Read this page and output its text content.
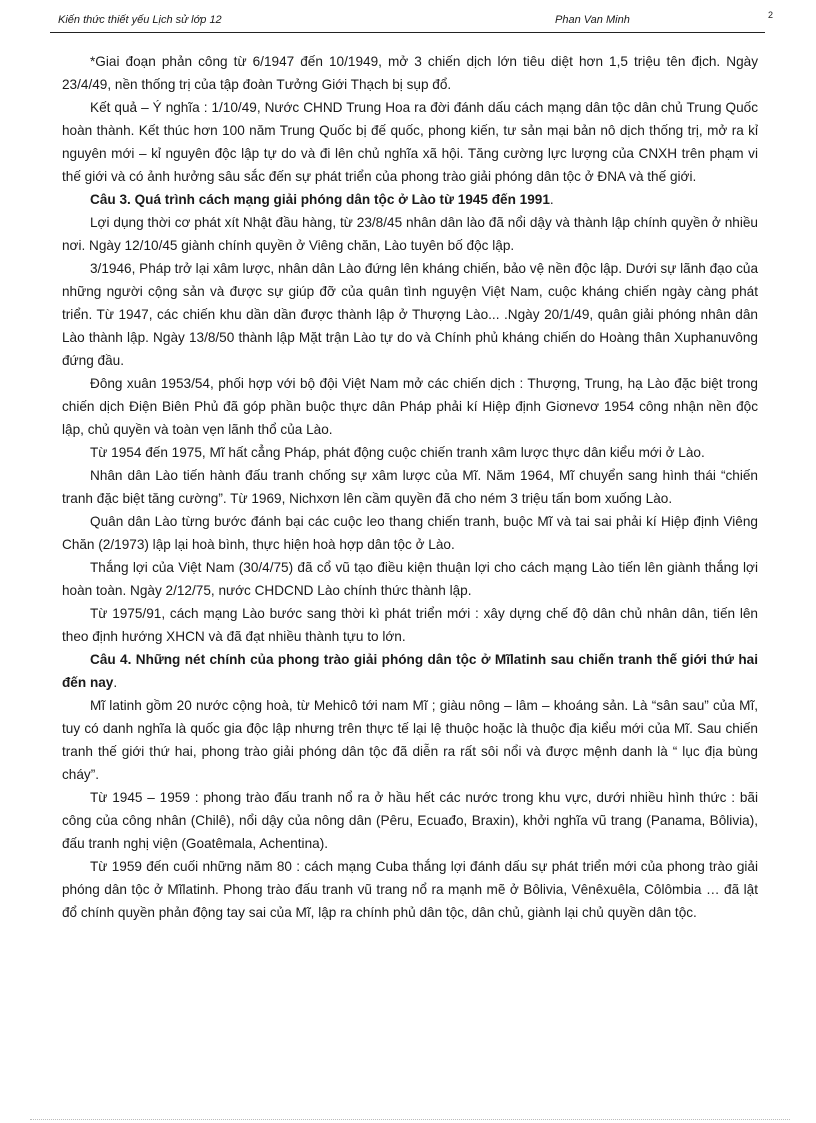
Kiến thức thiết yếu Lịch sử lớp 12	Phan Van Minh	2

*Giai đoạn phản công từ 6/1947 đến 10/1949, mở 3 chiến dịch lớn tiêu diệt hơn 1,5 triệu tên địch. Ngày 23/4/49, nền thống trị của tập đoàn Tưởng Giới Thạch bị sụp đổ.

Kết quả – Ý nghĩa : 1/10/49, Nước CHND Trung Hoa ra đời đánh dấu cách mạng dân tộc dân chủ Trung Quốc hoàn thành. Kết thúc hơn 100 năm Trung Quốc bị đế quốc, phong kiến, tư sản mại bản nô dịch thống trị, mở ra kỉ nguyên mới – kỉ nguyên độc lập tự do và đi lên chủ nghĩa xã hội. Tăng cường lực lượng của CNXH trên phạm vi thế giới và có ảnh hưởng sâu sắc đến sự phát triển của phong trào giải phóng dân tộc ở ĐNA và thế giới.

Câu 3. Quá trình cách mạng giải phóng dân tộc ở Lào từ 1945 đến 1991.

Lợi dụng thời cơ phát xít Nhật đầu hàng, từ 23/8/45 nhân dân lào đã nổi dậy và thành lập chính quyền ở nhiều nơi. Ngày 12/10/45 giành chính quyền ở Viêng chăn, Lào tuyên bố độc lập.

3/1946, Pháp trở lại xâm lược, nhân dân Lào đứng lên kháng chiến, bảo vệ nền độc lập. Dưới sự lãnh đạo của những người cộng sản và được sự giúp đỡ của quân tình nguyện Việt Nam, cuộc kháng chiến ngày càng phát triển. Từ 1947, các chiến khu dần dần được thành lập ở Thượng Lào... .Ngày 20/1/49, quân giải phóng nhân dân Lào thành lập. Ngày 13/8/50 thành lập Mặt trận Lào tự do và Chính phủ kháng chiến do Hoàng thân Xuphanuvông đứng đầu.

Đông xuân 1953/54, phối hợp với bộ đội Việt Nam mở các chiến dịch : Thượng, Trung, hạ Lào đặc biệt trong chiến dịch Điện Biên Phủ đã góp phần buộc thực dân Pháp phải kí Hiệp định Giơnevơ 1954 công nhận nền độc lập, chủ quyền và toàn vẹn lãnh thổ của Lào.

Từ 1954 đến 1975, Mĩ hất cẳng Pháp, phát động cuộc chiến tranh xâm lược thực dân kiểu mới ở Lào.

Nhân dân Lào tiến hành đấu tranh chống sự xâm lược của Mĩ. Năm 1964, Mĩ chuyển sang hình thái “chiến tranh đặc biệt tăng cường”. Từ 1969, Nichxơn lên cầm quyền đã cho ném 3 triệu tấn bom xuống Lào.

Quân dân Lào từng bước đánh bại các cuộc leo thang chiến tranh, buộc Mĩ và tai sai phải kí Hiệp định Viêng Chăn (2/1973) lập lại hoà bình, thực hiện hoà hợp dân tộc ở Lào.

Thắng lợi của Việt Nam (30/4/75) đã cổ vũ tạo điều kiện thuận lợi cho cách mạng Lào tiến lên giành thắng lợi hoàn toàn. Ngày 2/12/75, nước CHDCND Lào chính thức thành lập.

Từ 1975/91, cách mạng Lào bước sang thời kì phát triển mới : xây dựng chế độ dân chủ nhân dân, tiến lên theo định hướng XHCN và đã đạt nhiều thành tựu to lớn.

Câu 4. Những nét chính của phong trào giải phóng dân tộc ở Mĩlatinh sau chiến tranh thế giới thứ hai đến nay.

Mĩ latinh gồm 20 nước cộng hoà, từ Mehicô tới nam Mĩ ; giàu nông – lâm – khoáng sản. Là “sân sau” của Mĩ, tuy có danh nghĩa là quốc gia độc lập nhưng trên thực tế lại lệ thuộc hoặc là thuộc địa kiểu mới của Mĩ. Sau chiến tranh thế giới thứ hai, phong trào giải phóng dân tộc đã diễn ra rất sôi nổi và được mệnh danh là “ lục địa bùng cháy”.

Từ 1945 – 1959 : phong trào đấu tranh nổ ra ở hầu hết các nước trong khu vực, dưới nhiều hình thức : bãi công của công nhân (Chilê), nổi dậy của nông dân (Pêru, Ecuađo, Braxin), khởi nghĩa vũ trang (Panama, Bôlivia), đấu tranh nghị viện (Goatêmala, Achentina).

Từ 1959 đến cuối những năm 80 : cách mạng Cuba thắng lợi đánh dấu sự phát triển mới của phong trào giải phóng dân tộc ở Mĩlatinh. Phong trào đấu tranh vũ trang nổ ra mạnh mẽ ở Bôlivia, Vênêxuêla, Côlômbia … đã lật đổ chính quyền phản động tay sai của Mĩ, lập ra chính phủ dân tộc, dân chủ, giành lại chủ quyền dân tộc.
